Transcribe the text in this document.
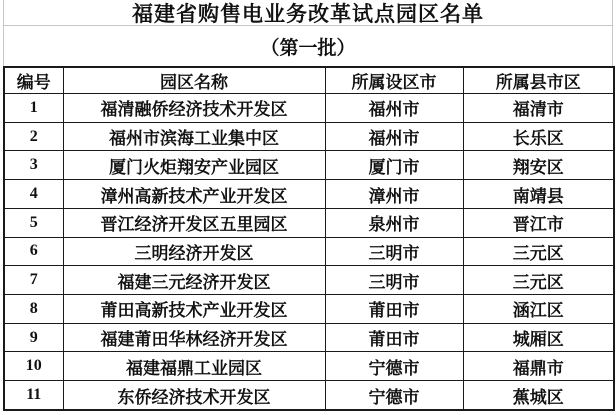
福建省购售电业务改革试点园区名单
（第一批）
编号	园区名称	所属设区市	所属县市区
1	福清融侨经济技术开发区	福州市	福清市
2	福州市滨海工业集中区	福州市	长乐区
3	厦门火炬翔安产业园区	厦门市	翔安区
4	漳州高新技术产业开发区	漳州市	南靖县
5	晋江经济开发区五里园区	泉州市	晋江市
6	三明经济开发区	三明市	三元区
7	福建三元经济开发区	三明市	三元区
8	莆田高新技术产业开发区	莆田市	涵江区
9	福建莆田华林经济开发区	莆田市	城厢区
10	福建福鼎工业园区	宁德市	福鼎市
11	东侨经济技术开发区	宁德市	蕉城区
